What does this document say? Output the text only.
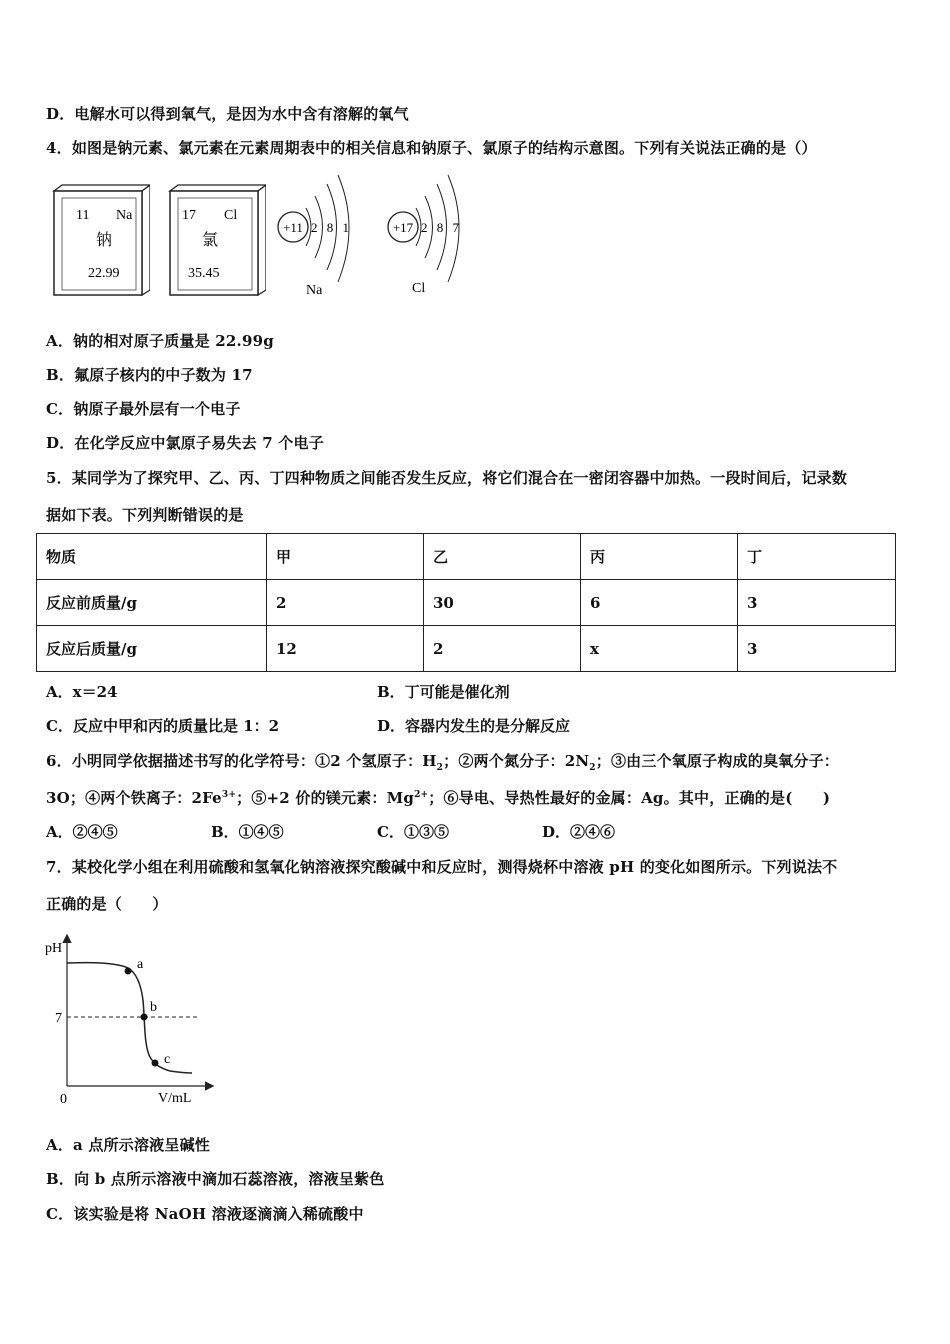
D．电解水可以得到氧气，是因为水中含有溶解的氧气
4．如图是钠元素、氯元素在元素周期表中的相关信息和钠原子、氯原子的结构示意图。下列有关说法正确的是（）
11 Na
钠
22.99
17 Cl
氯
35.45
+11 2 8 1
Na
+17 2 8 7
Cl
A．钠的相对原子质量是 22.99g
B．氟原子核内的中子数为 17
C．钠原子最外层有一个电子
D．在化学反应中氯原子易失去 7 个电子
5．某同学为了探究甲、乙、丙、丁四种物质之间能否发生反应，将它们混合在一密闭容器中加热。一段时间后，记录数
据如下表。下列判断错误的是
物质	甲	乙	丙	丁
反应前质量/g	2	30	6	3
反应后质量/g	12	2	x	3
A．x＝24	B．丁可能是催化剂
C．反应中甲和丙的质量比是 1：2	D．容器内发生的是分解反应
6．小明同学依据描述书写的化学符号：①2 个氢原子：$H_2$；②两个氮分子：$2N_2$；③由三个氧原子构成的臭氧分子：
3O；④两个铁离子：$2Fe^{3+}$；⑤+2 价的镁元素：$Mg^{2+}$；⑥导电、导热性最好的金属：Ag。其中，正确的是(　　)
A．②④⑤	B．①④⑤	C．①③⑤	D．②④⑥
7．某校化学小组在利用硫酸和氢氧化钠溶液探究酸碱中和反应时，测得烧杯中溶液 pH 的变化如图所示。下列说法不
正确的是（　　）
pH
V/mL
0
7
a
b
c
A．a 点所示溶液呈碱性
B．向 b 点所示溶液中滴加石蕊溶液，溶液呈紫色
C．该实验是将 NaOH 溶液逐滴滴入稀硫酸中
